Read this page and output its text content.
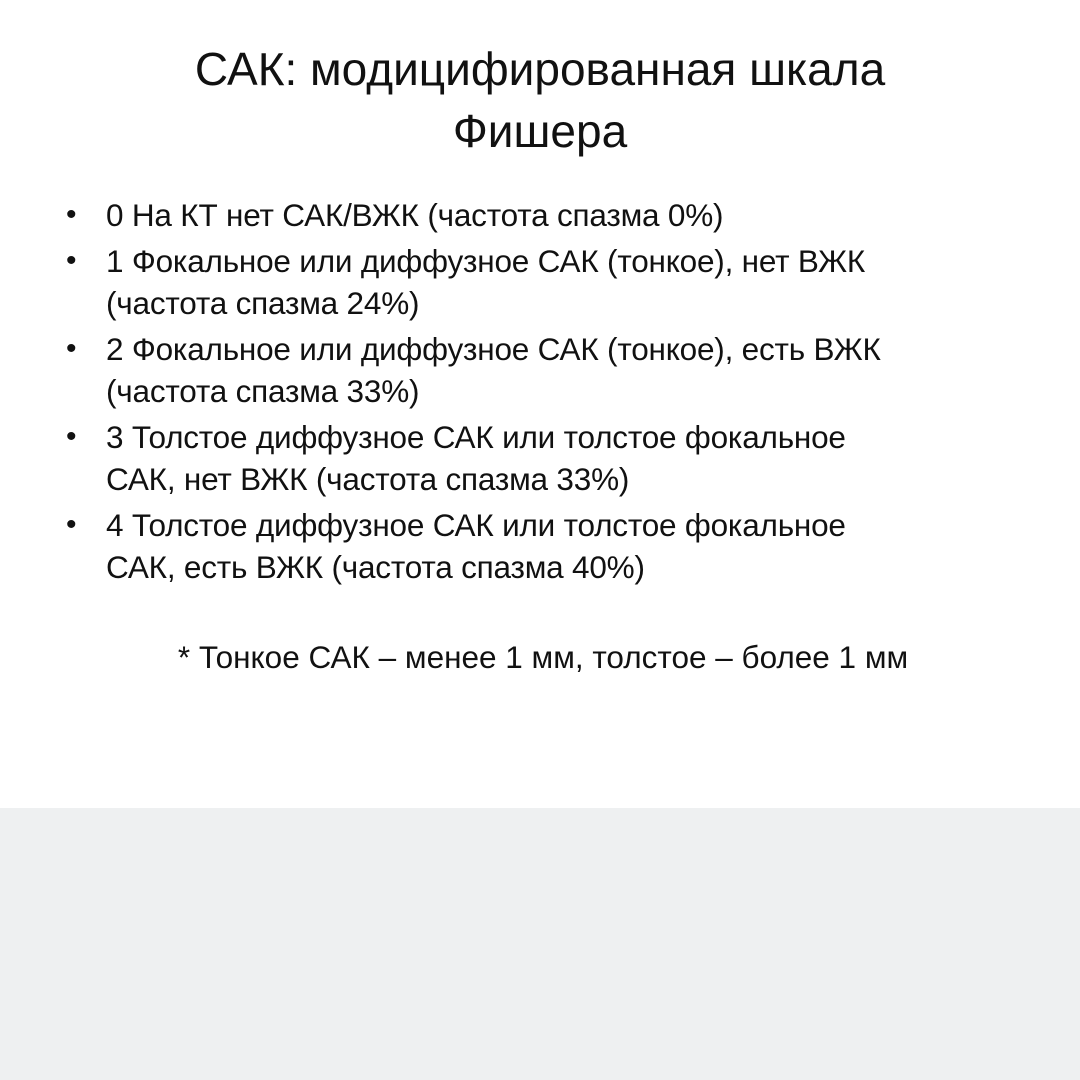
САК: модицифированная шкала
Фишера
• 0 На КТ нет САК/ВЖК (частота спазма 0%)
• 1 Фокальное или диффузное САК (тонкое), нет ВЖК
(частота спазма 24%)
• 2 Фокальное или диффузное САК (тонкое), есть ВЖК
(частота спазма 33%)
• 3 Толстое диффузное САК или толстое фокальное
САК, нет ВЖК (частота спазма 33%)
• 4 Толстое диффузное САК или толстое фокальное
САК, есть ВЖК (частота спазма 40%)

* Тонкое САК – менее 1 мм, толстое – более 1 мм
